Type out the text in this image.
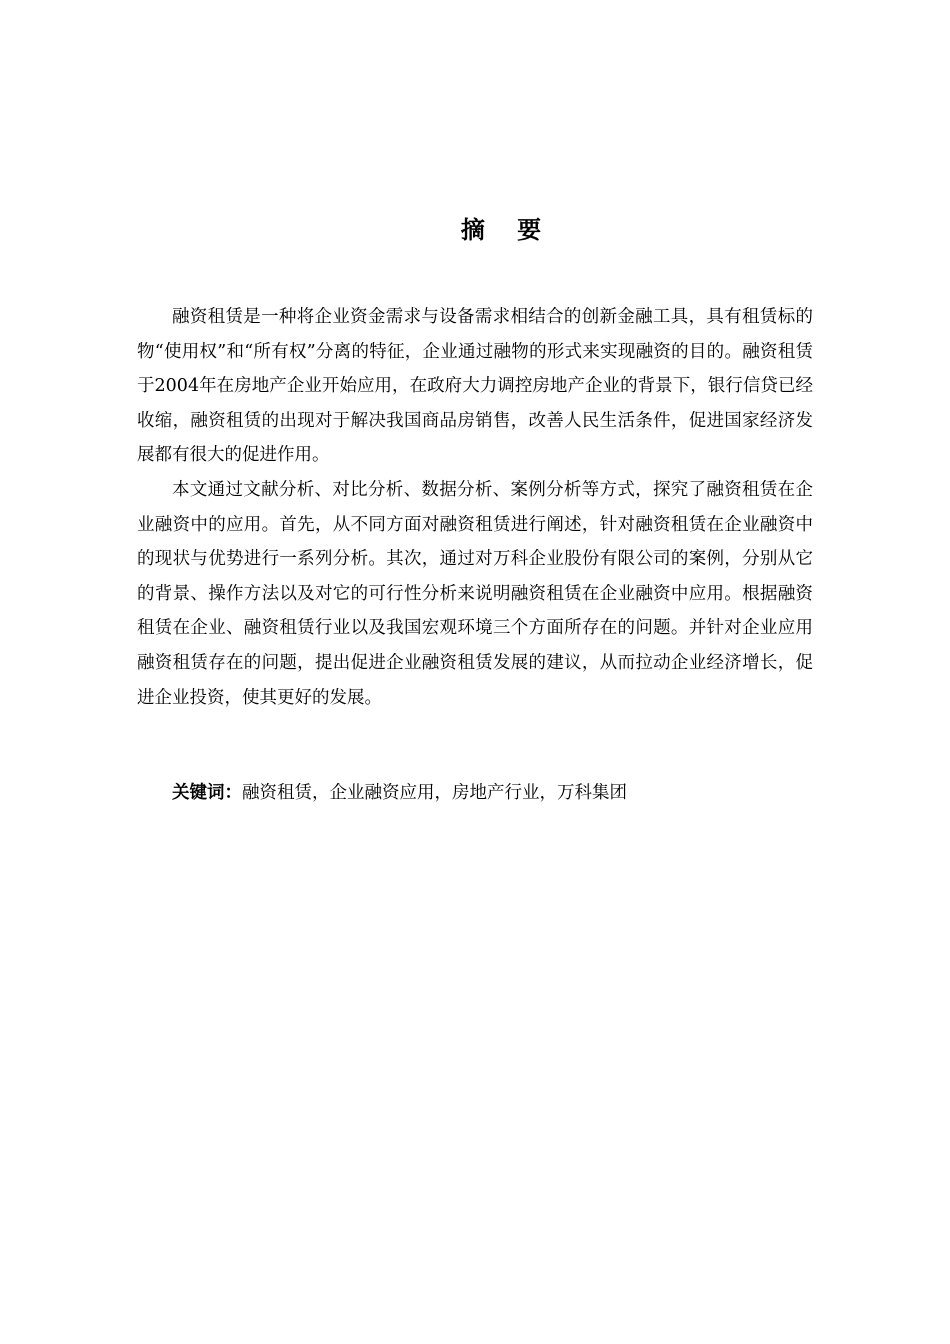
摘 要

融资租赁是一种将企业资金需求与设备需求相结合的创新金融工具，具有租赁标的物“使用权”和“所有权”分离的特征，企业通过融物的形式来实现融资的目的。融资租赁于2004年在房地产企业开始应用，在政府大力调控房地产企业的背景下，银行信贷已经收缩，融资租赁的出现对于解决我国商品房销售，改善人民生活条件，促进国家经济发展都有很大的促进作用。

本文通过文献分析、对比分析、数据分析、案例分析等方式，探究了融资租赁在企业融资中的应用。首先，从不同方面对融资租赁进行阐述，针对融资租赁在企业融资中的现状与优势进行一系列分析。其次，通过对万科企业股份有限公司的案例，分别从它的背景、操作方法以及对它的可行性分析来说明融资租赁在企业融资中应用。根据融资租赁在企业、融资租赁行业以及我国宏观环境三个方面所存在的问题。并针对企业应用融资租赁存在的问题，提出促进企业融资租赁发展的建议，从而拉动企业经济增长，促进企业投资，使其更好的发展。

关键词：融资租赁，企业融资应用，房地产行业，万科集团
